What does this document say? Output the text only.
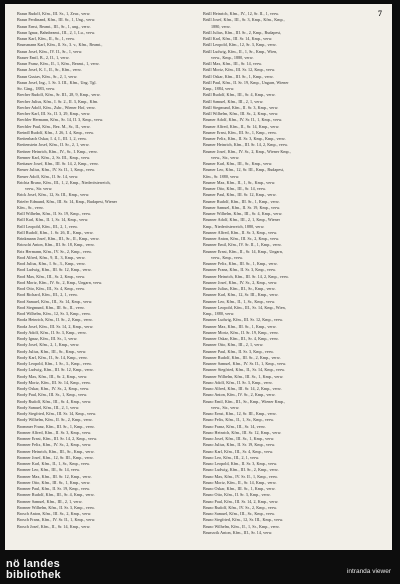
7
Braun Rudolf, Kfm., III. Sr., 1, Zeur., verw.
Braun Ferdinand, Kfm., III. Sr., 1, Ung., verw.
Braun Ernst, Beamt., III., Sr., 1, ung., verw.
Braun Ignaz, Bahnbeamt., III., 2, 1, Lu., verw.
Braun Karl, Kfm., II., Sr., 1, verw.
Brunsmann Karl, Kfm., ll. Sr., 3. v., Kfm., Beamt.,
Braun Josef, Kfm., IV. II., Sr., 1, verw.
Brauer Emil, B., 2, II., 1, verw.
Braun Franz, Kfm., II., 1, Kfm., Beamt., 1, verw.
Braun Josef, K. I., II., Sr., Kfm., verw.
Braun Gustav, Kfm., Sr., 2, 1, verw.
Braun Josef, Ing., 1. Sr. 3. III., Kfm., Ung. Tgl.
Str. Ging., 1883, verw.
Brecher Rudolf, Kfm., Sr. III., 28, 9, Kmp., verw.
Brecher Julius, Kfm., I. Sr. 2., II. 3, Kmp., Kfm.
Brecher Adolf, Kfm., Zsbr., Wiener Hof, verw.
Brecher Karl, III. Sr., II. 3, 29, Kmp., verw.
Brechler Hermann, Kfm., Sr. 14, II. 3, Kmp., verw.
Brechler Paul, Kfm., Bez. M., Sr., II., verw.
Breindl Rudolf, Kfm., J. 26, I. 4, Kmp., verw.
Breitenbach Oskar, I. 4, I., III. 1, 2, verw.
Breitenstein Josef, Kfm., II. Sr., 2, 1, verw.
Breitner Heinrich, Kfm., IV., Sr., I. Kmp., verw.
Brenner Karl, Kfm., 2, Sr. III., Kmp., verw.
Brettauer Josef, Kfm., III. Sr. 14, 2, Kmp., verw.
Breuer Julius, Kfm., IV. Sr. II., 1, Kmp., verw.
Breuer Adolf, Kfm., II. Sr. 14, verw.
Brichta Bruno, Kfm., III., 1, 2, Kmp., Niederösterreich,
verw., Str. verw.
Brick Josef, Kfm., 12, Sr. III., Kmp., verw.
Briefer Edmund, Kfm., III. Sr. 14, Kmp., Budapest, Wiener
Kfm., Sr., verw.
Brill Wilhelm, Kfm., II. Sr. 19, Kmp., verw.
Brill Karl, Kfm., II. 1, Sr. 14, Kmp., verw.
Brill Leopold, Kfm., III., 2, 1, verw.
Brill Rudolf, Kfm., 1. Sr. 26, II., Kmp., verw.
Brinkmann Josef, Kfm., III., Sr., II., Kmp., verw.
Brioschi Anton, Kfm., III. Sr. 18, Kmp., verw.
Brix Hermann, Kfm., IV. Sr., 2, Kmp., verw.
Brod Alfred, Kfm., 9, II., 3, Kmp., verw.
Brod Julius, Kfm., I. Sr., 3., Kmp., verw.
Brod Ludwig, Kfm., III. Sr. 12, Kmp., verw.
Brod Max, Kfm., III., Sr. 2, Kmp., verw.
Brod Moriz, Kfm., IV. Sr., 2, Kmp., Ungarn, verw.
Brod Otto, Kfm., III., Sr. 4, Kmp., verw.
Brod Richard, Kfm., III., 2, 1, verw.
Brod Samuel, Kfm., III., Sr. 14, Kmp., verw.
Brod Siegmund, Kfm., III. Sr., II., verw.
Brod Wilhelm, Kfm., 12, Sr. 3, Kmp., verw.
Broda Heinrich, Kfm., II. Sr., 2, Kmp., verw.
Broda Josef, Kfm., III. Sr. 14, 2, Kmp., verw.
Brody Adolf, Kfm., II. Sr. 3, Kmp., verw.
Brody Ignaz, Kfm., III. Sr., 1, verw.
Brody Josef, Kfm., 2, 1, Kmp., verw.
Brody Julius, Kfm., III., Sr., Kmp., verw.
Brody Karl, Kfm., II., Sr. 14, Kmp., verw.
Brody Leopold, Kfm., I. Sr., 3., Kmp., verw.
Brody Ludwig, Kfm., III. Sr. 12, Kmp., verw.
Brody Max, Kfm., III., Sr. 2, Kmp., verw.
Brody Moriz, Kfm., III. Sr. 14, Kmp., verw.
Brody Oskar, Kfm., IV. Sr., 2, Kmp., verw.
Brody Paul, Kfm., III. Sr., 1, Kmp., verw.
Brody Rudolf, Kfm., III., Sr. 4, Kmp., verw.
Brody Samuel, Kfm., III., 2, 1, verw.
Brody Siegfried, Kfm., III. Sr. 14, Kmp., verw.
Brody Wilhelm, Kfm., II. Sr., 2, Kmp., verw.
Brommer Franz, Kfm., III. Sr., 1, Kmp., verw.
Bronner Alfred, Kfm., II. Sr. 3, Kmp., verw.
Bronner Ernst, Kfm., III. Sr. 14, 2, Kmp., verw.
Bronner Felix, Kfm., IV. Sr., 2, Kmp., verw.
Bronner Heinrich, Kfm., III., Sr., Kmp., verw.
Bronner Josef, Kfm., 12, Sr. III., Kmp., verw.
Bronner Karl, Kfm., II., 1, Sr., Kmp., verw.
Bronner Leo, Kfm., III., Sr. 14, verw.
Bronner Max, Kfm., III. Sr. 12, Kmp., verw.
Bronner Otto, Kfm., III. Sr., 1, Kmp., verw.
Bronner Paul, Kfm., II. Sr. 19, Kmp., verw.
Bronner Rudolf, Kfm., III., Sr. 4, Kmp., verw.
Bronner Samuel, Kfm., III., 2, 1, verw.
Bronner Wilhelm, Kfm., II. Sr. 3, Kmp., verw.
Brosch Anton, Kfm., III. Sr., 2, Kmp., verw.
Brosch Franz, Kfm., IV. Sr. II., 1, Kmp., verw.
Brosch Josef, Kfm., II., Sr. 14, Kmp., verw.
Brüll Heinrich, Kfm., IV., 12, Sr. II., 1, verw.
Brüll Josef, Kfm., III., Sr. 3, Kmp., Kfm., Kmp.,
1880, verw.
Brüll Julius, Kfm., III. Sr., 2, Kmp., Budapest,
Brüll Karl, Kfm., III. Sr. 14, Kmp., verw.
Brüll Leopold, Kfm., 12, Sr. 3, Kmp., verw.
Brüll Ludwig, Kfm., II., 1, Sr., Kmp., Wien,
verw., Kmp., 1880, verw.
Brüll Max, Kfm., III., Sr. 14, verw.
Brüll Moriz, Kfm., III. Sr. 12, Kmp., verw.
Brüll Oskar, Kfm., III. Sr., 1, Kmp., verw.
Brüll Paul, Kfm., II. Sr. 19, Kmp., Ungarn, Wiener
Kmp., 1884, verw.
Brüll Rudolf, Kfm., III., Sr. 4, Kmp., verw.
Brüll Samuel, Kfm., III., 2, 1, verw.
Brüll Siegmund, Kfm., II. Sr. 3, Kmp., verw.
Brüll Wilhelm, Kfm., III. Sr., 2, Kmp., verw.
Brumer Adolf, Kfm., IV. Sr. II., 1, Kmp., verw.
Brumer Alfred, Kfm., II., Sr. 14, Kmp., verw.
Brumer Ernst, Kfm., III. Sr., 1, Kmp., verw.
Brumer Felix, Kfm., II. Sr. 3, Kmp., Kmp., verw.
Brumer Heinrich, Kfm., III. Sr. 14, 2, Kmp., verw.
Brumer Josef, Kfm., IV. Sr., 2, Kmp., Wiener Kmp.,
verw., Str., verw.
Brumer Karl, Kfm., III., Sr., Kmp., verw.
Brumer Leo, Kfm., 12, Sr. III., Kmp., Budapest,
Kfm., Sr. 1880, verw.
Brumer Max, Kfm., II., 1, Sr., Kmp., verw.
Brumer Otto, Kfm., III., Sr. 14, verw.
Brumer Paul, Kfm., III. Sr. 12, Kmp., verw.
Brumer Rudolf, Kfm., III. Sr., 1, Kmp., verw.
Brumer Samuel, Kfm., II. Sr. 19, Kmp., verw.
Brumer Wilhelm, Kfm., III., Sr. 4, Kmp., verw.
Brunner Adolf, Kfm., III., 2, 1, Kmp., Wiener
Kmp., Niederösterreich, 1880, verw.
Brunner Alfred, Kfm., II. Sr. 3, Kmp., verw.
Brunner Anton, Kfm., III. Sr., 2, Kmp., verw.
Brunner Emil, Kfm., IV. Sr. II., 1, Kmp., verw.
Brunner Ernst, Kfm., II., Sr. 14, Kmp., Ungarn,
verw., Kmp., verw.
Brunner Felix, Kfm., III. Sr., 1, Kmp., verw.
Brunner Franz, Kfm., II. Sr. 3, Kmp., verw.
Brunner Heinrich, Kfm., III. Sr. 14, 2, Kmp., verw.
Brunner Josef, Kfm., IV. Sr., 2, Kmp., verw.
Brunner Julius, Kfm., III., Sr., Kmp., verw.
Brunner Karl, Kfm., 12, Sr. III., Kmp., verw.
Brunner Leo, Kfm., II., 1, Sr., Kmp., verw.
Brunner Leopold, Kfm., III., Sr. 14, Kmp., Wien,
Kmp., 1880, verw.
Brunner Ludwig, Kfm., III. Sr. 12, Kmp., verw.
Brunner Max, Kfm., III. Sr., 1, Kmp., verw.
Brunner Moriz, Kfm., II. Sr. 19, Kmp., verw.
Brunner Oskar, Kfm., III., Sr. 4, Kmp., verw.
Brunner Otto, Kfm., III., 2, 1, verw.
Brunner Paul, Kfm., II. Sr. 3, Kmp., verw.
Brunner Rudolf, Kfm., III. Sr., 2, Kmp., verw.
Brunner Samuel, Kfm., IV. Sr. II., 1, Kmp., verw.
Brunner Siegfried, Kfm., II., Sr. 14, Kmp., verw.
Brunner Wilhelm, Kfm., III. Sr., 1, Kmp., verw.
Bruno Adolf, Kfm., II. Sr. 3, Kmp., verw.
Bruno Alfred, Kfm., III. Sr. 14, 2, Kmp., verw.
Bruno Anton, Kfm., IV. Sr., 2, Kmp., verw.
Bruno Emil, Kfm., III., Sr., Kmp., Wiener Kmp.,
verw., Str., verw.
Bruno Ernst, Kfm., 12, Sr. III., Kmp., verw.
Bruno Felix, Kfm., II., 1, Sr., Kmp., verw.
Bruno Franz, Kfm., III., Sr. 14, verw.
Bruno Heinrich, Kfm., III. Sr. 12, Kmp., verw.
Bruno Josef, Kfm., III. Sr., 1, Kmp., verw.
Bruno Julius, Kfm., II. Sr. 19, Kmp., verw.
Bruno Karl, Kfm., III., Sr. 4, Kmp., verw.
Bruno Leo, Kfm., III., 2, 1, verw.
Bruno Leopold, Kfm., II. Sr. 3, Kmp., verw.
Bruno Ludwig, Kfm., III. Sr., 2, Kmp., verw.
Bruno Max, Kfm., IV. Sr. II., 1, Kmp., verw.
Bruno Moriz, Kfm., II., Sr. 14, Kmp., verw.
Bruno Oskar, Kfm., III. Sr., 1, Kmp., verw.
Bruno Otto, Kfm., II. Sr. 3, Kmp., verw.
Bruno Paul, Kfm., III. Sr. 14, 2, Kmp., verw.
Bruno Rudolf, Kfm., IV. Sr., 2, Kmp., verw.
Bruno Samuel, Kfm., III., Sr., Kmp., verw.
Bruno Siegfried, Kfm., 12, Sr. III., Kmp., verw.
Bruno Wilhelm, Kfm., II., 1, Sr., Kmp., verw.
Brunswik Anton, Kfm., III., Sr. 14, verw.
nö landes
bibliothek	intranda viewer
